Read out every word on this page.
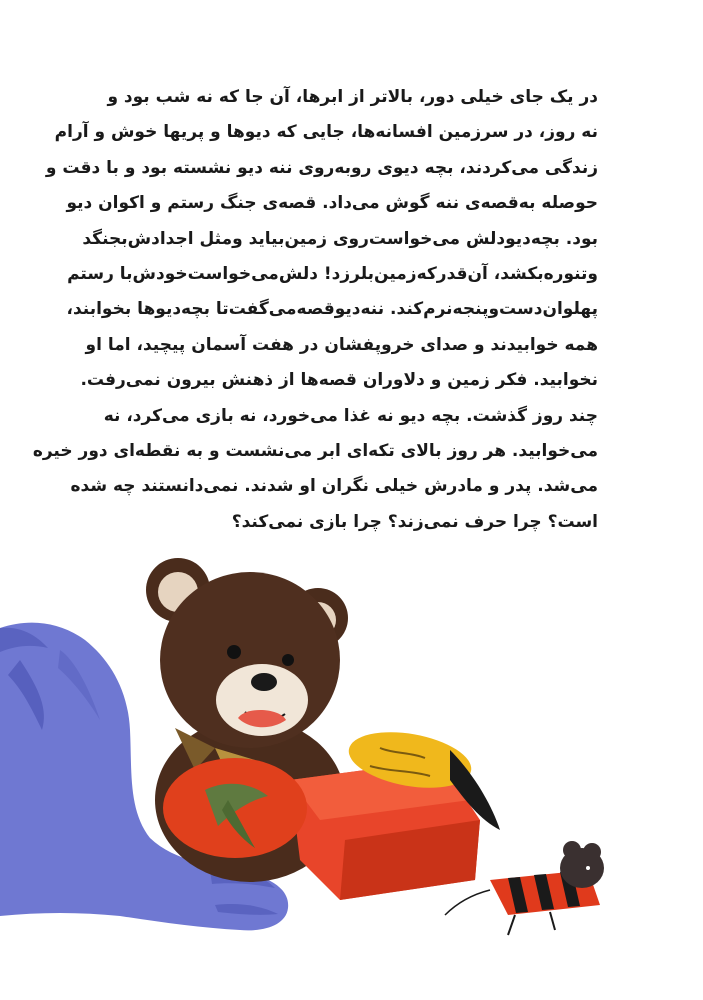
در یک جای خیلی دور، بالاتر از ابرها، آن جا که نه شب بود و
نه روز، در سرزمین افسانه‌ها، جایی که دیوها و پریها خوش و آرام
زندگی می‌کردند، بچه دیوی روبه‌روی ننه دیو نشسته بود و با دقت و
حوصله به‌قصه‌ی ننه گوش می‌داد. قصه‌ی جنگ رستم و اکوان دیو
بود. بچه‌دیودلش می‌خواست‌روی زمین‌بیاید و‌مثل اجدادش‌بجنگد
وتنوره‌بکشد، آن‌قدرکه‌زمین‌بلرزد! دلش‌می‌خواست‌خودش‌با رستم
پهلوان‌دست‌وپنجه‌نرم‌کند. ننه‌دیوقصه‌می‌گفت‌تا بچه‌دیوها بخوابند،
همه خوابیدند و صدای خروپفشان در هفت آسمان پیچید، اما او
نخوابید. فکر زمین و دلاوران قصه‌ها از ذهنش بیرون نمی‌رفت.
چند روز گذشت. بچه دیو نه غذا می‌خورد، نه بازی می‌کرد، نه
می‌خوابید. هر روز بالای تکه‌ای ابر می‌نشست و به نقطه‌ای دور خیره
می‌شد. پدر و مادرش خیلی نگران او شدند. نمی‌دانستند چه شده
است؟ چرا حرف نمی‌زند؟ چرا بازی نمی‌کند؟
